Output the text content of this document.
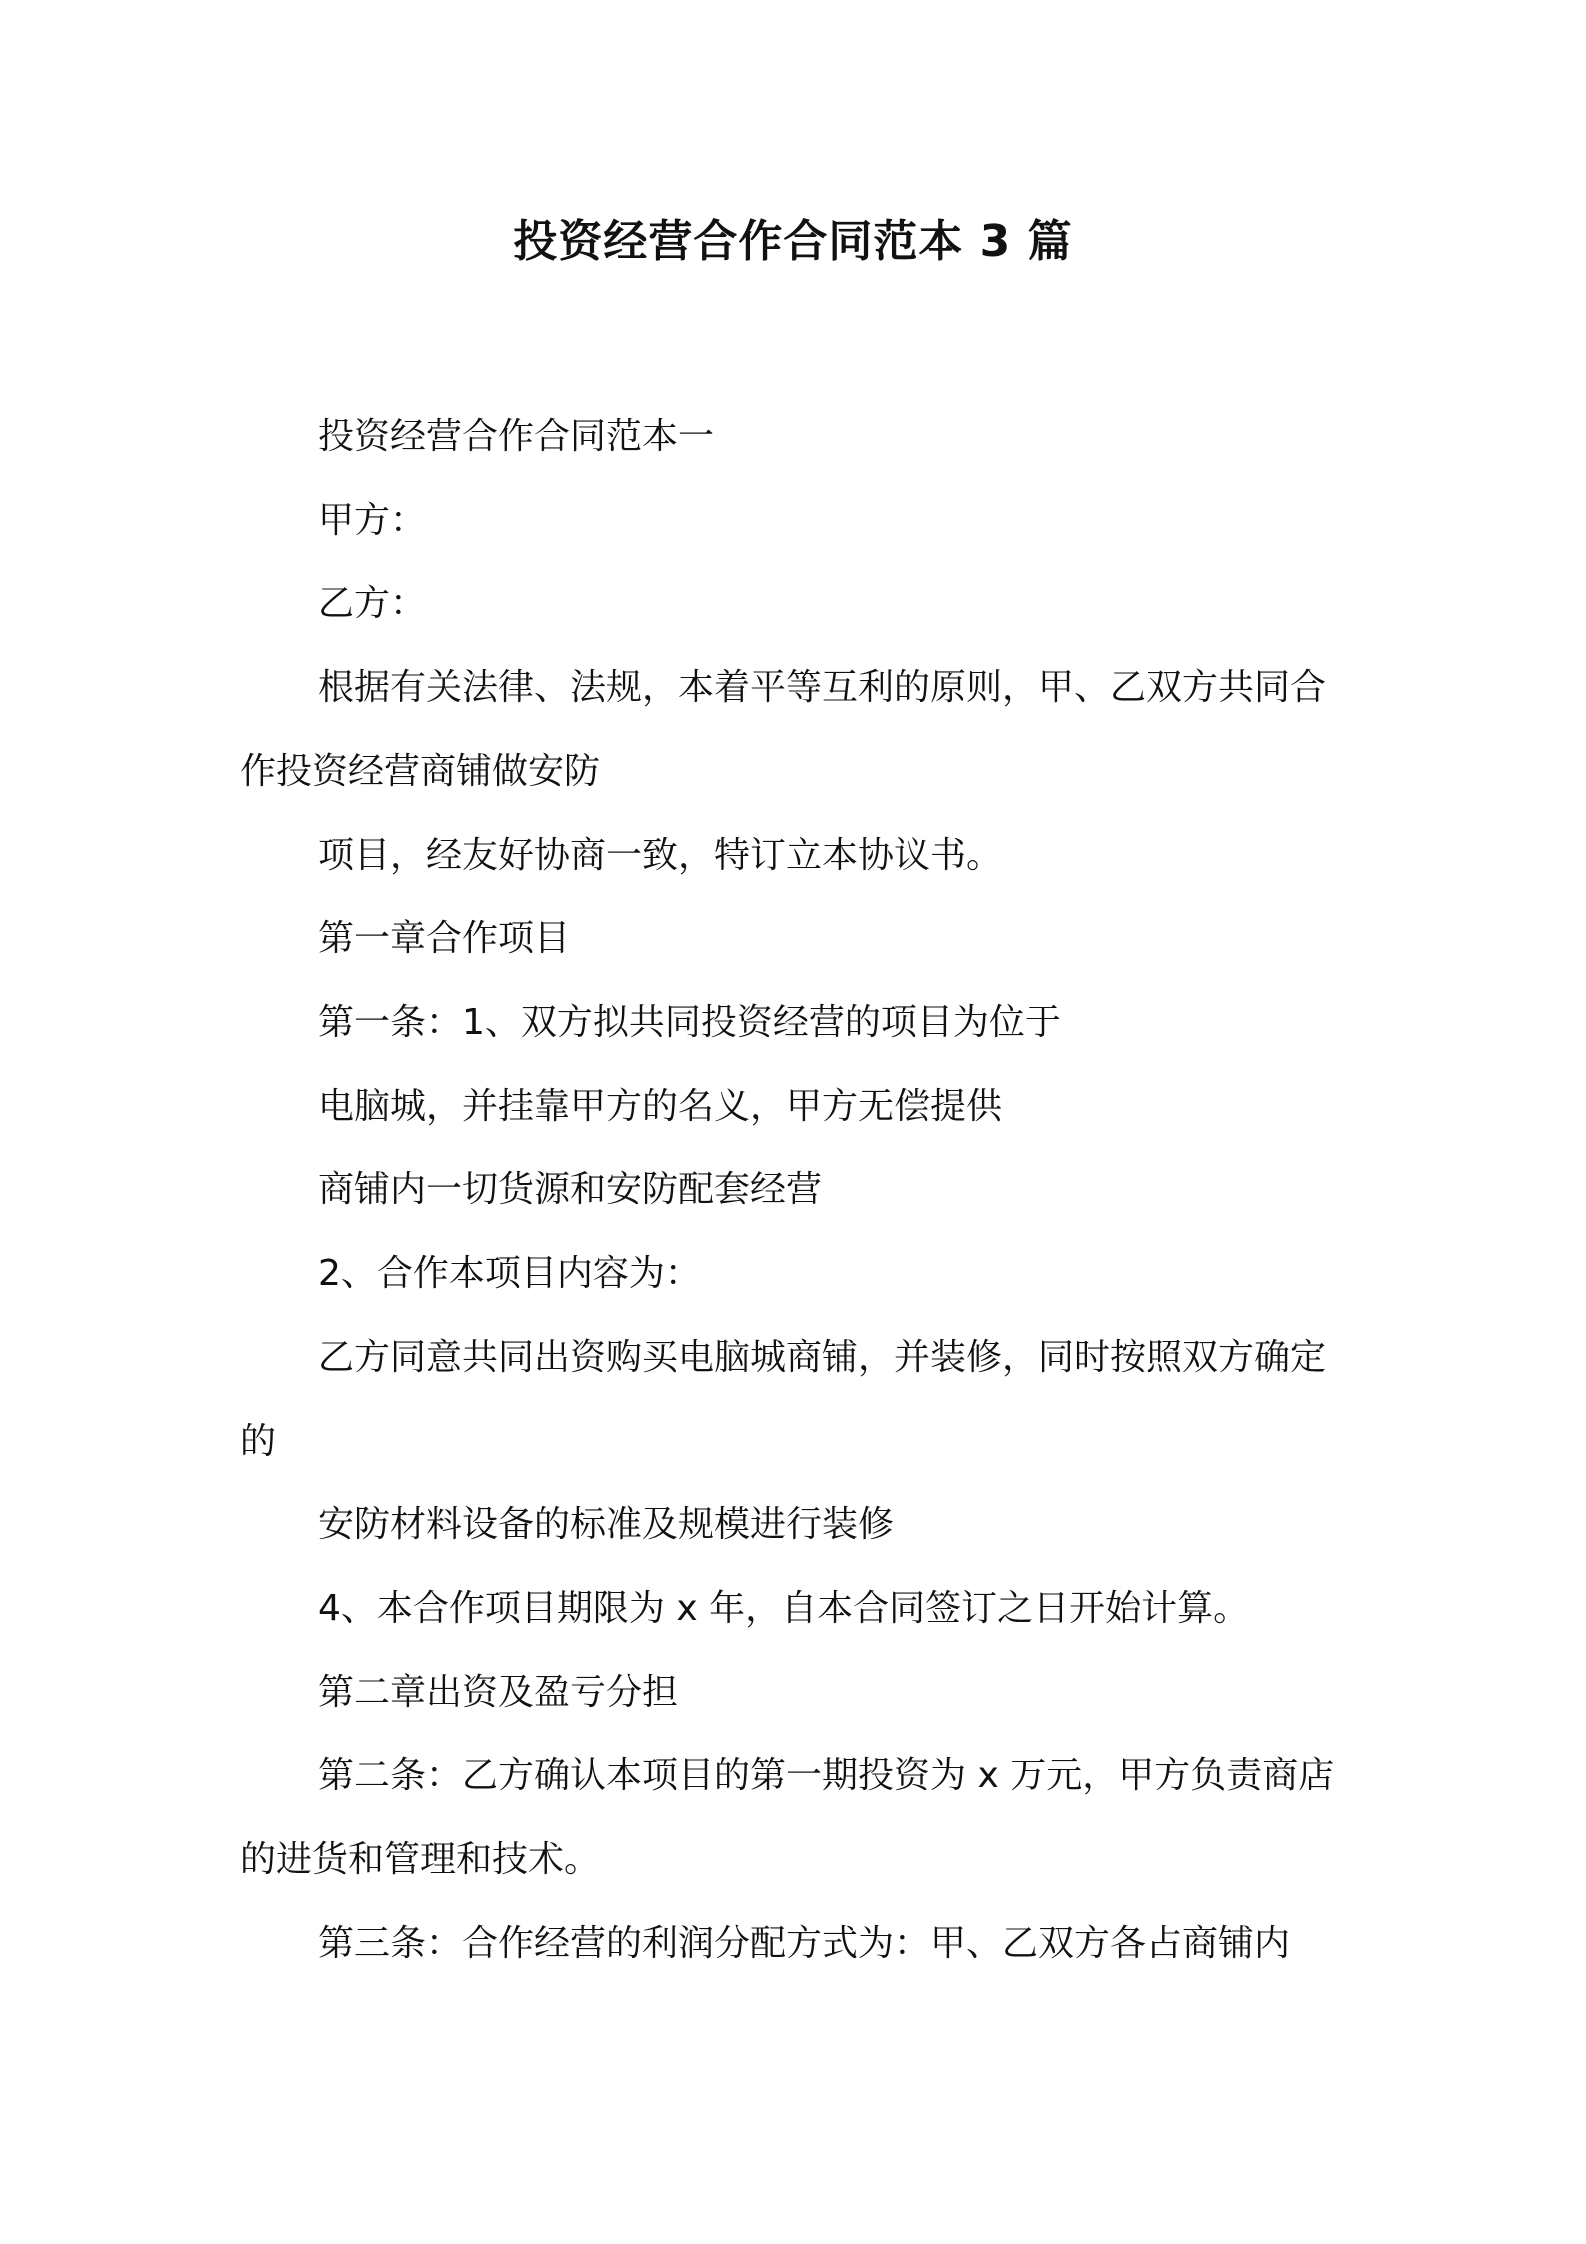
投资经营合作合同范本 3 篇

投资经营合作合同范本一

甲方：

乙方：

根据有关法律、法规，本着平等互利的原则，甲、乙双方共同合

作投资经营商铺做安防

项目，经友好协商一致，特订立本协议书。

第一章合作项目

第一条：1、双方拟共同投资经营的项目为位于

电脑城，并挂靠甲方的名义，甲方无偿提供

商铺内一切货源和安防配套经营

2、合作本项目内容为：

乙方同意共同出资购买电脑城商铺，并装修，同时按照双方确定

的

安防材料设备的标准及规模进行装修

4、本合作项目期限为 x 年，自本合同签订之日开始计算。

第二章出资及盈亏分担

第二条：乙方确认本项目的第一期投资为 x 万元，甲方负责商店

的进货和管理和技术。

第三条：合作经营的利润分配方式为：甲、乙双方各占商铺内
